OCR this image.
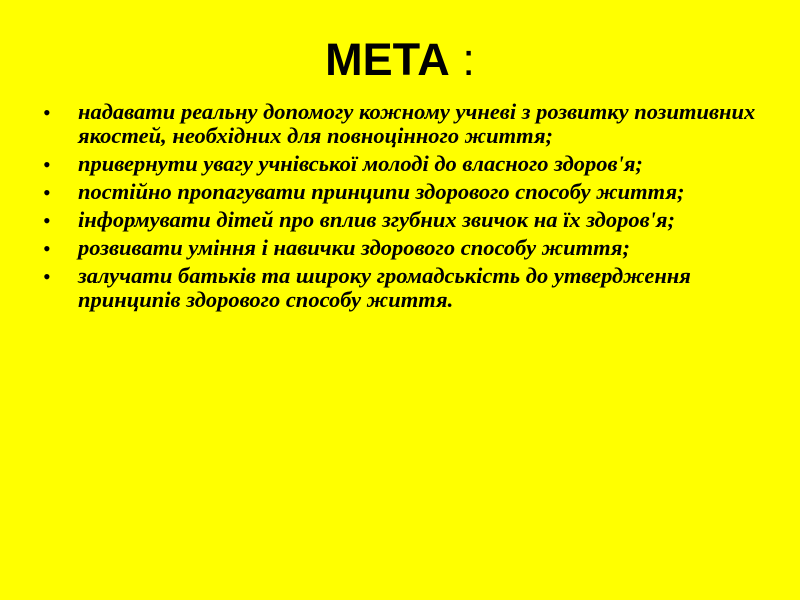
МЕТА :
• надавати реальну допомогу кожному учневі з розвитку позитивних якостей, необхідних для повноцінного життя;
• привернути увагу учнівської молоді до власного здоров'я;
• постійно пропагувати принципи здорового способу життя;
• інформувати дітей про вплив згубних звичок на їх здоров'я;
• розвивати уміння і навички здорового способу життя;
• залучати батьків та широку громадськість до утвердження принципів здорового способу життя.
